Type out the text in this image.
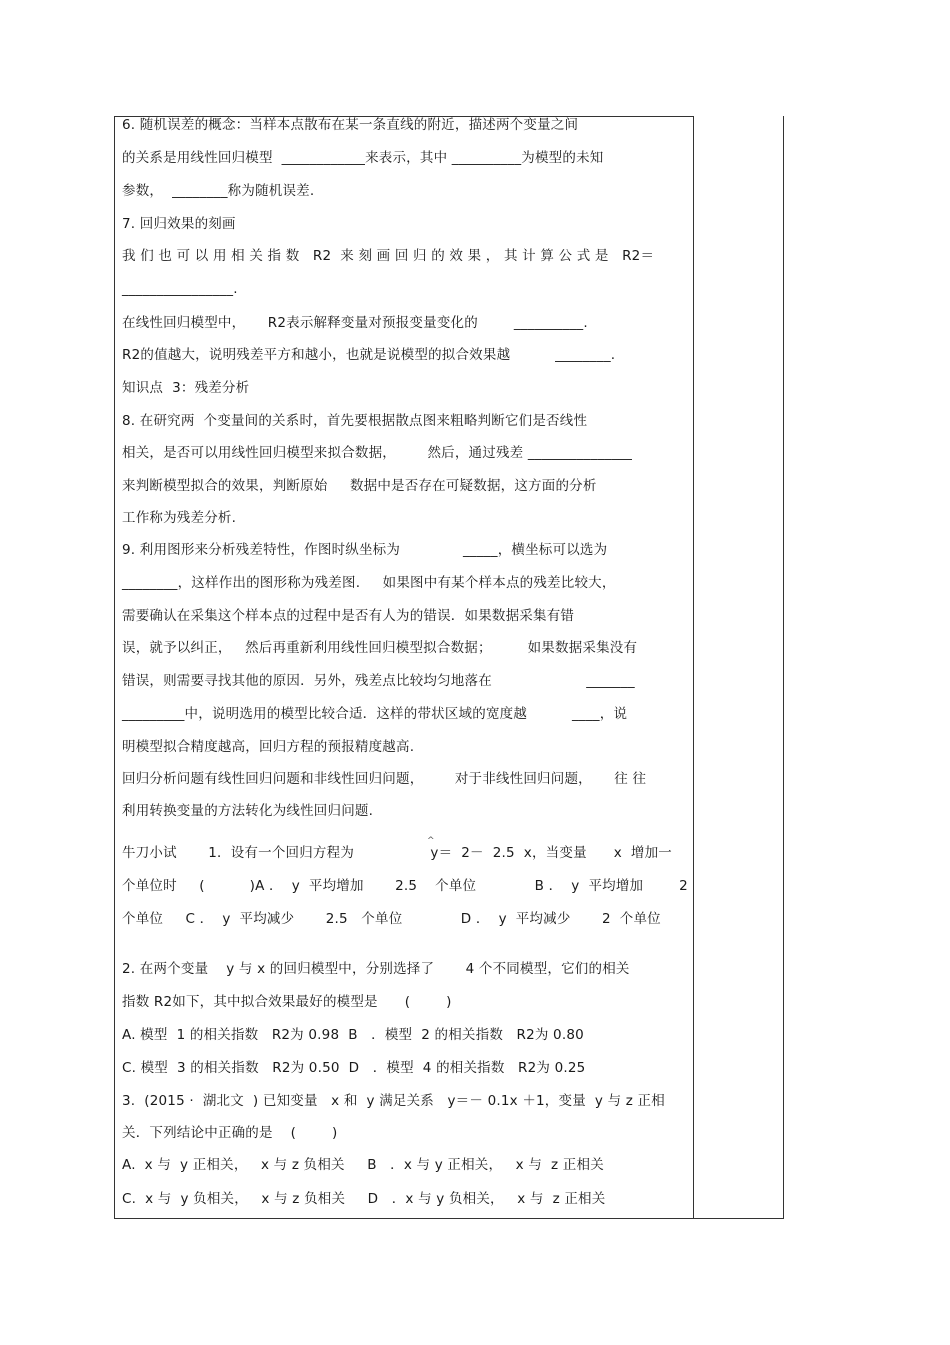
6. 随机误差的概念：当样本点散布在某一条直线的附近，描述两个变量之间
的关系是用线性回归模型  ____________来表示，其中 __________为模型的未知
参数，  ________称为随机误差.
7. 回归效果的刻画
我 们 也 可 以 用 相 关 指 数   R2  来 刻 画 回 归 的 效 果 ， 其 计 算 公 式 是   R2＝
________________.
在线性回归模型中，     R2表示解释变量对预报变量变化的        __________.
R2的值越大，说明残差平方和越小，也就是说模型的拟合效果越          ________.
知识点  3：残差分析
8. 在研究两  个变量间的关系时，首先要根据散点图来粗略判断它们是否线性
相关，是否可以用线性回归模型来拟合数据，       然后，通过残差 _______________
来判断模型拟合的效果，判断原始     数据中是否存在可疑数据，这方面的分析
工作称为残差分析.
9. 利用图形来分析残差特性，作图时纵坐标为              _____，横坐标可以选为
________，这样作出的图形称为残差图.     如果图中有某个样本点的残差比较大，
需要确认在采集这个样本点的过程中是否有人为的错误．如果数据采集有错
误，就予以纠正，   然后再重新利用线性回归模型拟合数据；        如果数据采集没有
错误，则需要寻找其他的原因．另外，残差点比较均匀地落在                     _______
_________中，说明选用的模型比较合适．这样的带状区域的宽度越          ____，说
明模型拟合精度越高，回归方程的预报精度越高.
回归分析问题有线性回归问题和非线性回归问题，       对于非线性回归问题，     往 往
利用转换变量的方法转化为线性回归问题.
^
牛刀小试       1．设有一个回归方程为                 y＝  2－  2.5  x，当变量      x  增加一
个单位时     (          )A ．  y  平均增加       2.5    个单位             B ．  y  平均增加        2
个单位     C ．  y  平均减少       2.5   个单位             D ．  y  平均减少       2  个单位
2. 在两个变量    y 与 x 的回归模型中，分别选择了       4 个不同模型，它们的相关
指数 R2如下，其中拟合效果最好的模型是      (        )
A. 模型  1 的相关指数   R2为 0.98  B   ．模型  2 的相关指数   R2为 0.80
C. 模型  3 的相关指数   R2为 0.50  D   ．模型  4 的相关指数   R2为 0.25
3.  (2015 ·  湖北文  ) 已知变量   x 和  y 满足关系   y＝－ 0.1x ＋1，变量  y 与 z 正相
关．下列结论中正确的是    (        )
A.  x 与  y 正相关，   x 与 z 负相关     B   ．x 与 y 正相关，   x 与  z 正相关
C.  x 与  y 负相关，   x 与 z 负相关     D   ．x 与 y 负相关，   x 与  z 正相关
